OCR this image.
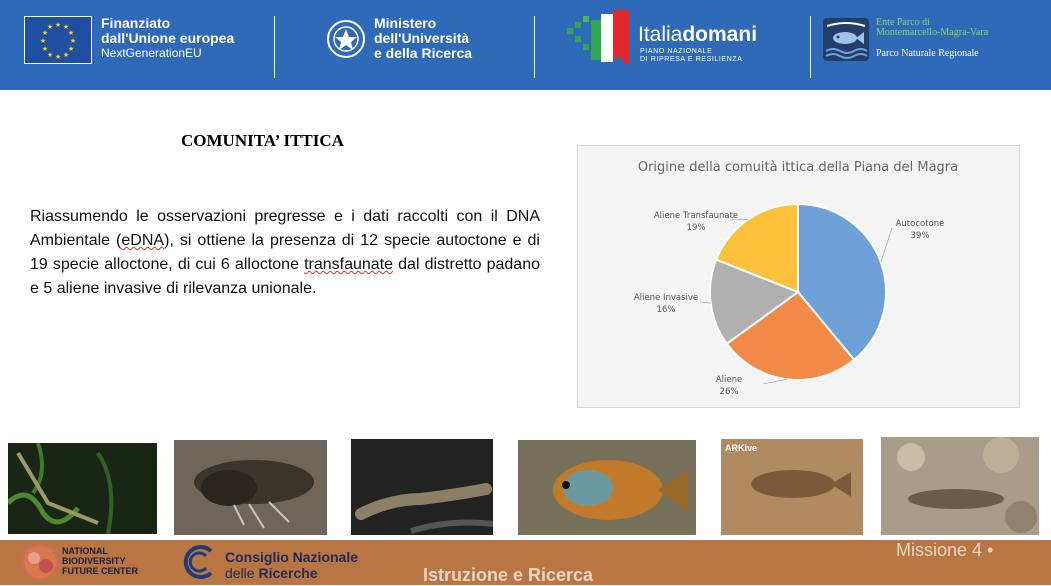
★ ★
★
★
★
★
★
★
★
★
★
★	Finanziato
dall'Unione europea
NextGenerationEU
Ministero
dell'Università
e della Ricerca
Italiadomani
PIANO NAZIONALE
DI RIPRESA E RESILIENZA
Ente Parco di
Montemarcello-Magra-Vara
Parco Naturale Regionale
COMUNITA’ ITTICA
Riassumendo le osservazioni pregresse e i dati raccolti con il DNA Ambientale (eDNA), si ottiene la presenza di 12 specie autoctone e di 19 specie alloctone, di cui 6 alloctone transfaunate dal distretto padano e 5 aliene invasive di rilevanza unionale.
Origine della comuità ittica della Piana del Magra
Autocotone
39%
Aliene
26%
Aliene Invasive
16%
Aliene Transfaunate
19%
ARKive
NATIONAL
BIODIVERSITY
FUTURE CENTER
Consiglio Nazionale
delle Ricerche	Istruzione e Ricerca
Missione 4 •
